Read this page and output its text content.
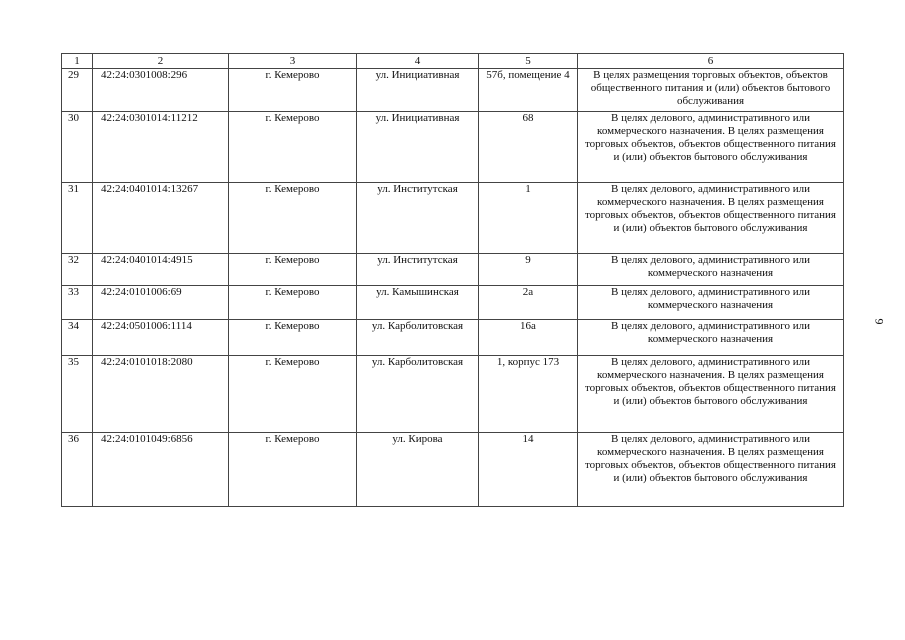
1	2	3	4	5	6
29	42:24:0301008:296	г. Кемерово	ул. Инициативная	57б, помещение 4	В целях размещения торговых объектов, объектов общественного питания и (или) объектов бытового обслуживания
30	42:24:0301014:11212	г. Кемерово	ул. Инициативная	68	В целях делового, административного или коммерческого назначения. В целях размещения торговых объектов, объектов общественного питания и (или) объектов бытового обслуживания
31	42:24:0401014:13267	г. Кемерово	ул. Институтская	1	В целях делового, административного или коммерческого назначения. В целях размещения торговых объектов, объектов общественного питания и (или) объектов бытового обслуживания
32	42:24:0401014:4915	г. Кемерово	ул. Институтская	9	В целях делового, административного или коммерческого назначения
33	42:24:0101006:69	г. Кемерово	ул. Камышинская	2а	В целях делового, административного или коммерческого назначения
34	42:24:0501006:1114	г. Кемерово	ул. Карболитовская	16а	В целях делового, административного или коммерческого назначения
35	42:24:0101018:2080	г. Кемерово	ул. Карболитовская	1, корпус 173	В целях делового, административного или коммерческого назначения. В целях размещения торговых объектов, объектов общественного питания и (или) объектов бытового обслуживания
36	42:24:0101049:6856	г. Кемерово	ул. Кирова	14	В целях делового, административного или коммерческого назначения. В целях размещения торговых объектов, объектов общественного питания и (или) объектов бытового обслуживания
9
